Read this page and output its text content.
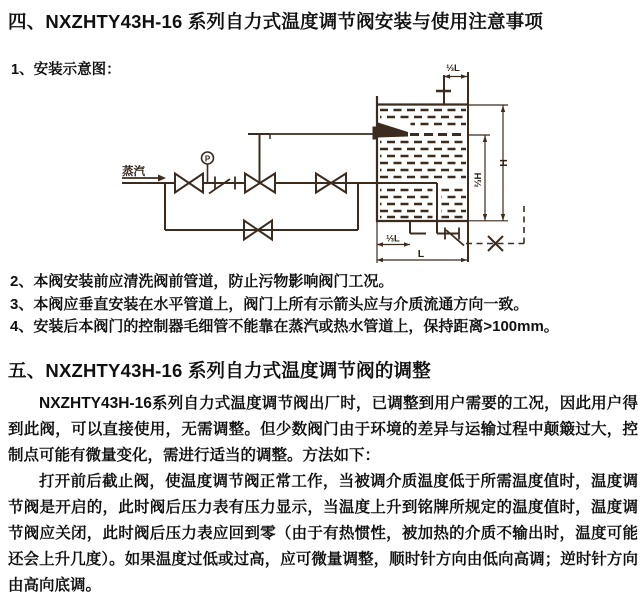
四、NXZHTY43H-16 系列自力式温度调节阀安装与使用注意事项
1、安装示意图：
蒸汽
P
⅓L
H
⅔H
⅓L
L
2、本阀安装前应清洗阀前管道，防止污物影响阀门工况。
3、本阀应垂直安装在水平管道上，阀门上所有示箭头应与介质流通方向一致。
4、安装后本阀门的控制器毛细管不能靠在蒸汽或热水管道上，保持距离>100mm。
五、NXZHTY43H-16 系列自力式温度调节阀的调整

NXZHTY43H-16系列自力式温度调节阀出厂时，已调整到用户需要的工况，因此用户得到此阀，可以直接使用，无需调整。但少数阀门由于环境的差异与运输过程中颠簸过大，控制点可能有微量变化，需进行适当的调整。方法如下：

打开前后截止阀，使温度调节阀正常工作，当被调介质温度低于所需温度值时，温度调节阀是开启的，此时阀后压力表有压力显示，当温度上升到铭牌所规定的温度值时，温度调节阀应关闭，此时阀后压力表应回到零（由于有热惯性，被加热的介质不输出时，温度可能还会上升几度）。如果温度过低或过高，应可微量调整，顺时针方向由低向高调；逆时针方向由高向底调。
